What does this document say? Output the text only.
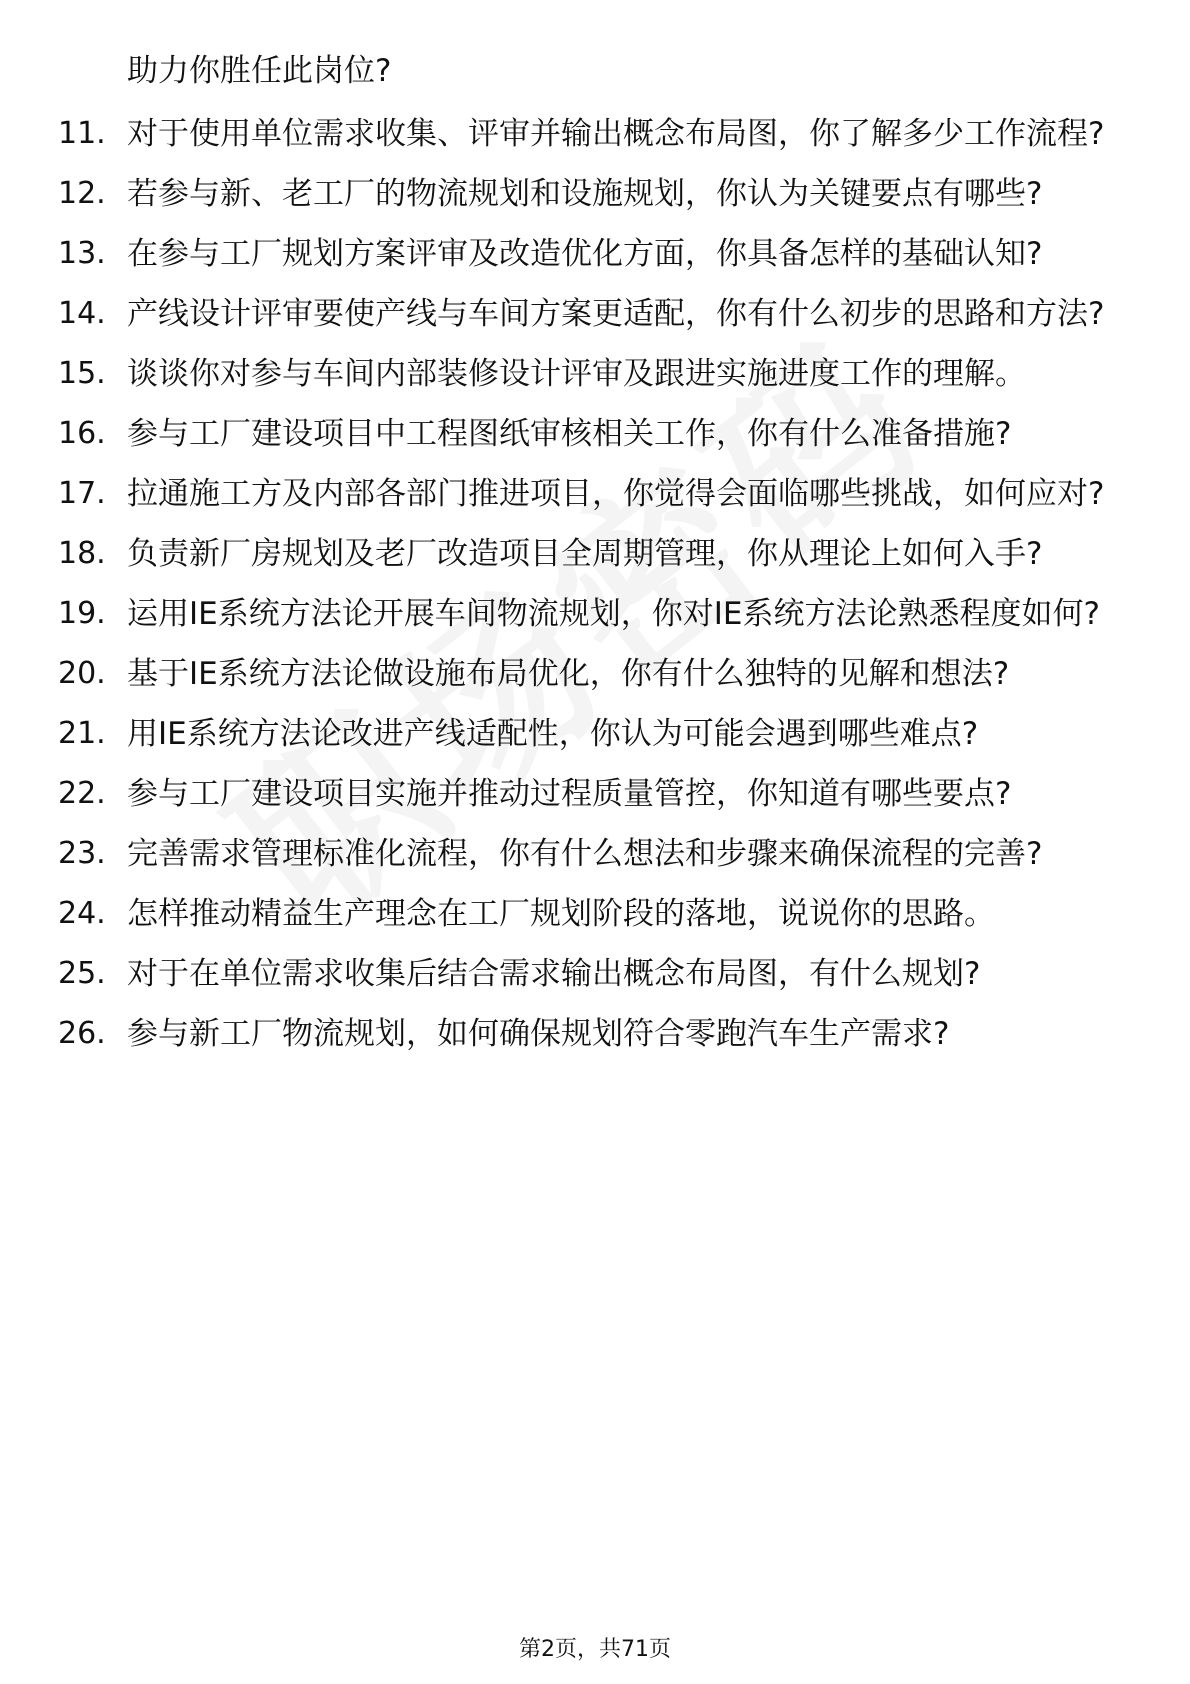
助力你胜任此岗位?
11. 对于使用单位需求收集、评审并输出概念布局图，你了解多少工作流程?
12. 若参与新、老工厂的物流规划和设施规划，你认为关键要点有哪些?
13. 在参与工厂规划方案评审及改造优化方面，你具备怎样的基础认知?
14. 产线设计评审要使产线与车间方案更适配，你有什么初步的思路和方法?
15. 谈谈你对参与车间内部装修设计评审及跟进实施进度工作的理解。
16. 参与工厂建设项目中工程图纸审核相关工作，你有什么准备措施?
17. 拉通施工方及内部各部门推进项目，你觉得会面临哪些挑战，如何应对?
18. 负责新厂房规划及老厂改造项目全周期管理，你从理论上如何入手?
19. 运用IE系统方法论开展车间物流规划，你对IE系统方法论熟悉程度如何?
20. 基于IE系统方法论做设施布局优化，你有什么独特的见解和想法?
21. 用IE系统方法论改进产线适配性，你认为可能会遇到哪些难点?
22. 参与工厂建设项目实施并推动过程质量管控，你知道有哪些要点?
23. 完善需求管理标准化流程，你有什么想法和步骤来确保流程的完善?
24. 怎样推动精益生产理念在工厂规划阶段的落地，说说你的思路。
25. 对于在单位需求收集后结合需求输出概念布局图，有什么规划?
26. 参与新工厂物流规划，如何确保规划符合零跑汽车生产需求?
第2页，共71页
